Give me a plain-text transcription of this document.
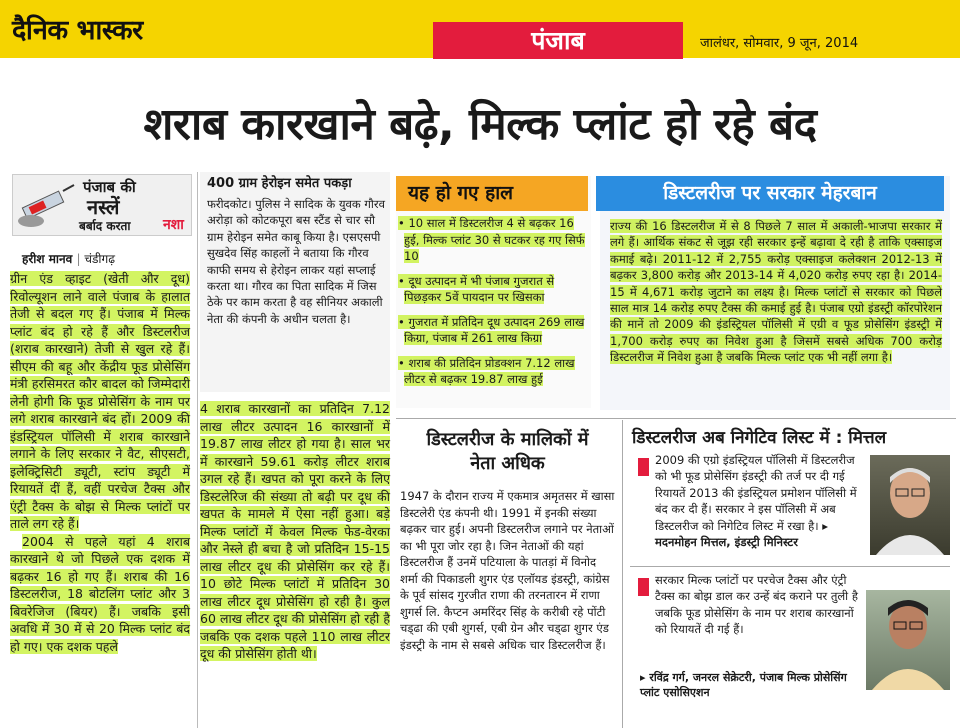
दैनिक भास्कर	पंजाब	जालंधर, सोमवार, 9 जून, 2014
शराब कारखाने बढ़े, मिल्क प्लांट हो रहे बंद
पंजाब की
नस्लें
बर्बाद करता नशा
हरीश मानव | चंडीगढ़

ग्रीन एंड व्हाइट (खेती और दूध) रिवोल्यूशन लाने वाले पंजाब के हालात तेजी से बदल गए हैं। पंजाब में मिल्क प्लांट बंद हो रहे हैं और डिस्टलरीज (शराब कारखाने) तेजी से खुल रहे हैं। सीएम की बहू और केंद्रीय फूड प्रोसेसिंग मंत्री हरसिमरत कौर बादल को जिम्मेदारी लेनी होगी कि फूड प्रोसेसिंग के नाम पर लगे शराब कारखाने बंद हों। 2009 की इंडस्ट्रियल पॉलिसी में शराब कारखाने लगाने के लिए सरकार ने वैट, सीएसटी, इलेक्ट्रिसिटी ड्यूटी, स्टांप ड्यूटी में रियायतें दीं हैं, वहीं परचेज टैक्स और एंट्री टैक्स के बोझ से मिल्क प्लांटों पर ताले लग रहे हैं।

2004 से पहले यहां 4 शराब कारखाने थे जो पिछले एक दशक में बढ़कर 16 हो गए हैं। शराब की 16 डिस्टलरीज, 18 बोटलिंग प्लांट और 3 बिवरेजिज (बियर) हैं। जबकि इसी अवधि में 30 में से 20 मिल्क प्लांट बंद हो गए। एक दशक पहले

400 ग्राम हेरोइन समेत पकड़ा
फरीदकोट। पुलिस ने सादिक के युवक गौरव अरोड़ा को कोटकपूरा बस स्टैंड से चार सौ ग्राम हेरोइन समेत काबू किया है। एसएसपी सुखदेव सिंह काहलों ने बताया कि गौरव काफी समय से हेरोइन लाकर यहां सप्लाई करता था। गौरव का पिता सादिक में जिस ठेके पर काम करता है वह सीनियर अकाली नेता की कंपनी के अधीन चलता है।

4 शराब कारखानों का प्रतिदिन 7.12 लाख लीटर उत्पादन 16 कारखानों में 19.87 लाख लीटर हो गया है। साल भर में कारखाने 59.61 करोड़ लीटर शराब उगल रहे हैं। खपत को पूरा करने के लिए डिस्टलेरिज की संख्या तो बढ़ी पर दूध की खपत के मामले में ऐसा नहीं हुआ। बड़े मिल्क प्लांटों में केवल मिल्क फेड-वेरका और नेस्ले ही बचा है जो प्रतिदिन 15-15 लाख लीटर दूध की प्रोसेसिंग कर रहे हैं। 10 छोटे मिल्क प्लांटों में प्रतिदिन 30 लाख लीटर दूध प्रोसेसिंग हो रही है। कुल 60 लाख लीटर दूध की प्रोसेसिंग हो रही है जबकि एक दशक पहले 110 लाख लीटर दूध की प्रोसेसिंग होती थी।

यह हो गए हाल
• 10 साल में डिस्टलरीज 4 से बढ़कर 16 हुई, मिल्क प्लांट 30 से घटकर रह गए सिर्फ 10
• दूध उत्पादन में भी पंजाब गुजरात से पिछड़कर 5वें पायदान पर खिसका
• गुजरात में प्रतिदिन दूध उत्पादन 269 लाख किग्रा, पंजाब में 261 लाख किग्रा
• शराब की प्रतिदिन प्रोडक्शन 7.12 लाख लीटर से बढ़कर 19.87 लाख हुई
डिस्टलरीज पर सरकार मेहरबान
राज्य की 16 डिस्टलरीज में से 8 पिछले 7 साल में अकाली-भाजपा सरकार में लगे हैं। आर्थिक संकट से जूझ रही सरकार इन्हें बढ़ावा दे रही है ताकि एक्साइज कमाई बढ़े। 2011-12 में 2,755 करोड़ एक्साइज कलेक्शन 2012-13 में बढ़कर 3,800 करोड़ और 2013-14 में 4,020 करोड़ रुपए रहा है। 2014-15 में 4,671 करोड़ जुटाने का लक्ष्य है। मिल्क प्लांटों से सरकार को पिछले साल मात्र 14 करोड़ रुपए टैक्स की कमाई हुई है। पंजाब एग्रो इंडस्ट्री कॉरपोरेशन की मानें तो 2009 की इंडस्ट्रियल पॉलिसी में एग्री व फूड प्रोसेसिंग इंडस्ट्री में 1,700 करोड़ रुपए का निवेश हुआ है जिसमें सबसे अधिक 700 करोड़ डिस्टलरीज में निवेश हुआ है जबकि मिल्क प्लांट एक भी नहीं लगा है।
डिस्टलरीज के मालिकों में
नेता अधिक
1947 के दौरान राज्य में एकमात्र अमृतसर में खासा डिस्टलेरी एंड कंपनी थी। 1991 में इनकी संख्या बढ़कर चार हुई। अपनी डिस्टलरीज लगाने पर नेताओं का भी पूरा जोर रहा है। जिन नेताओं की यहां डिस्टलरीज हैं उनमें पटियाला के पातड़ां में विनोद शर्मा की पिकाडली शुगर एंड एलॉयड इंडस्ट्री, कांग्रेस के पूर्व सांसद गुरजीत राणा की तरनतारन में राणा शुगर्स लि. कैप्टन अमरिंदर सिंह के करीबी रहे पोंटी चड्‌ढा की एबी शुगर्स, एबी ग्रेन और चड्‌ढा शुगर एंड इंडस्ट्री के नाम से सबसे अधिक चार डिस्टलरीज हैं।
डिस्टलरीज अब निगेटिव लिस्ट में : मित्तल
2009 की एग्रो इंडस्ट्रियल पॉलिसी में डिस्टलरीज को भी फूड प्रोसेसिंग इंडस्ट्री की तर्ज पर दी गई रियायतें 2013 की इंडस्ट्रियल प्रमोशन पॉलिसी में बंद कर दी हैं। सरकार ने इस पॉलिसी में अब डिस्टलरीज को निगेटिव लिस्ट में रखा है। ▸ मदनमोहन मित्तल, इंडस्ट्री मिनिस्टर
सरकार मिल्क प्लांटों पर परचेज टैक्स और एंट्री टैक्स का बोझ डाल कर उन्हें बंद कराने पर तुली है जबकि फूड प्रोसेसिंग के नाम पर शराब कारखानों को रियायतें दी गई हैं।
▸ रविंद्र गर्ग, जनरल सेक्रेटरी, पंजाब मिल्क प्रोसेसिंग प्लांट एसोसिएशन
